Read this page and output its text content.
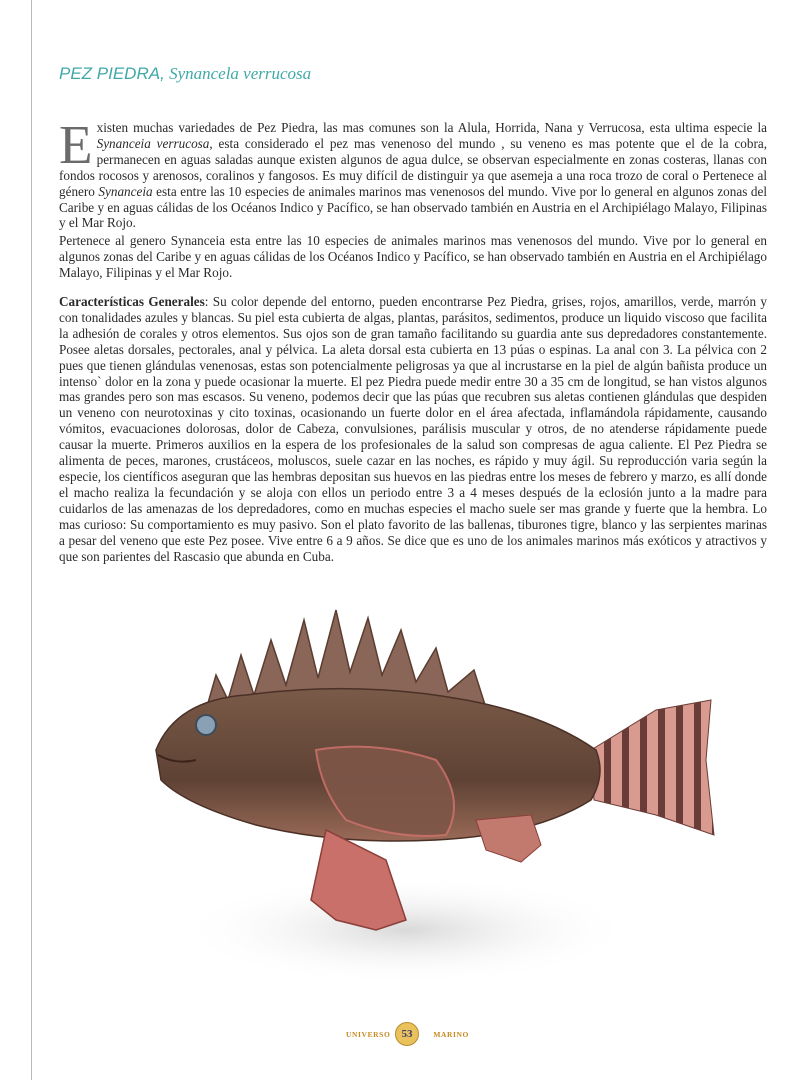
PEZ PIEDRA, Synancela verrucosa
Existen muchas variedades de Pez Piedra, las mas comunes son la Alula, Horrida, Nana y Verrucosa, esta ultima especie la Synanceia verrucosa, esta considerado el pez mas venenoso del mundo , su veneno es mas potente que el de la cobra, permanecen en aguas saladas aunque existen algunos de agua dulce, se observan especialmente en zonas costeras, llanas con fondos rocosos y arenosos, coralinos y fangosos. Es muy difícil de distinguir ya que asemeja a una roca trozo de coral o Pertenece al género Synanceia esta entre las 10 especies de animales marinos mas venenosos del mundo. Vive por lo general en algunos zonas del Caribe y en aguas cálidas de los Océanos Indico y Pacífico, se han observado también en Austria en el Archipiélago Malayo, Filipinas y el Mar Rojo.
Pertenece al genero Synanceia esta entre las 10 especies de animales marinos mas venenosos del mundo. Vive por lo general en algunos zonas del Caribe y en aguas cálidas de los Océanos Indico y Pacífico, se han observado también en Austria en el Archipiélago Malayo, Filipinas y el Mar Rojo.
Características Generales: Su color depende del entorno, pueden encontrarse Pez Piedra, grises, rojos, amarillos, verde, marrón y con tonalidades azules y blancas. Su piel esta cubierta de algas, plantas, parásitos, sedimentos, produce un liquido viscoso que facilita la adhesión de corales y otros elementos. Sus ojos son de gran tamaño facilitando su guardia ante sus depredadores constantemente. Posee aletas dorsales, pectorales, anal y pélvica. La aleta dorsal esta cubierta en 13 púas o espinas. La anal con 3. La pélvica con 2 pues que tienen glándulas venenosas, estas son potencialmente peligrosas ya que al incrustarse en la piel de algún bañista produce un intenso` dolor en la zona y puede ocasionar la muerte. El pez Piedra puede medir entre 30 a 35 cm de longitud, se han vistos algunos mas grandes pero son mas escasos. Su veneno, podemos decir que las púas que recubren sus aletas contienen glándulas que despiden un veneno con neurotoxinas y cito toxinas, ocasionando un fuerte dolor en el área afectada, inflamándola rápidamente, causando vómitos, evacuaciones dolorosas, dolor de Cabeza, convulsiones, parálisis muscular y otros, de no atenderse rápidamente puede causar la muerte. Primeros auxilios en la espera de los profesionales de la salud son compresas de agua caliente. El Pez Piedra se alimenta de peces, marones, crustáceos, moluscos, suele cazar en las noches, es rápido y muy ágil. Su reproducción varia según la especie, los científicos aseguran que las hembras depositan sus huevos en las piedras entre los meses de febrero y marzo, es allí donde el macho realiza la fecundación y se aloja con ellos un periodo entre 3 a 4 meses después de la eclosión junto a la madre para cuidarlos de las amenazas de los depredadores, como en muchas especies el macho suele ser mas grande y fuerte que la hembra. Lo mas curioso: Su comportamiento es muy pasivo. Son el plato favorito de las ballenas, tiburones tigre, blanco y las serpientes marinas a pesar del veneno que este Pez posee. Vive entre 6 a 9 años. Se dice que es uno de los animales marinos más exóticos y atractivos y que son parientes del Rascasio que abunda en Cuba.
UNIVERSO	53	MARINO
